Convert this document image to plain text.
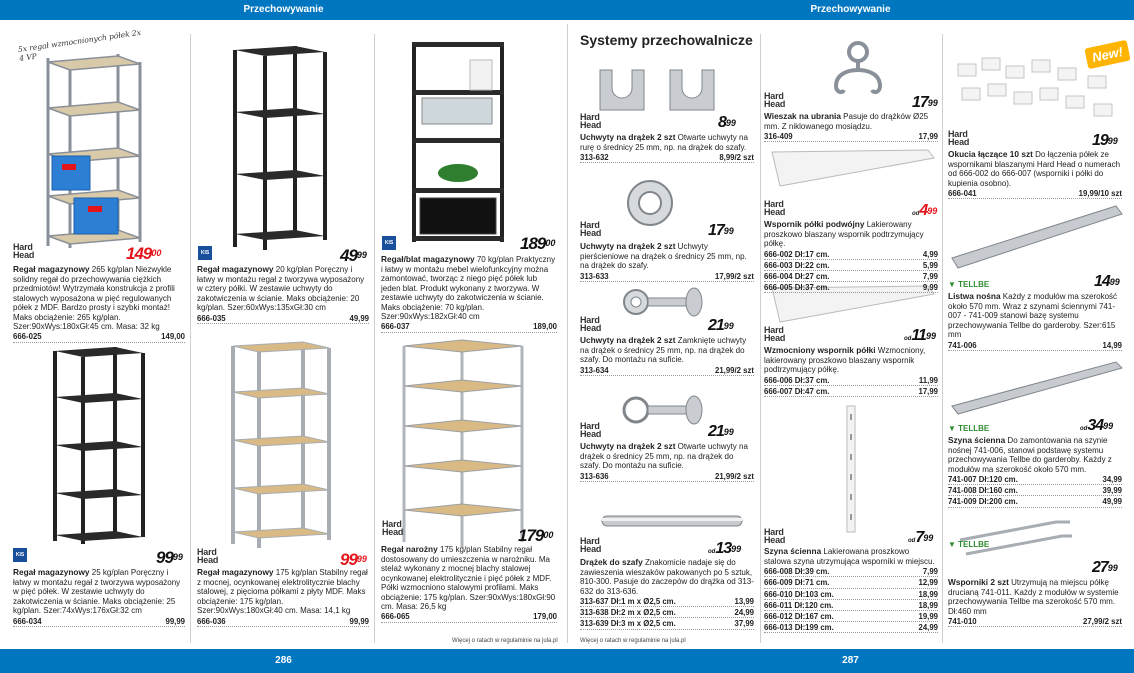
Przechowywanie	Przechowywanie
5x regał wzmocnionych półek 2x 4 VP
Hard
Head	KIS
KIS
KIS	Hard
Head
Hard
Head
$149^{00}$	$49^{99}$
$189^{00}$
$99^{99}$	$99^{99}$
$179^{00}$
Regał magazynowy 265 kg/plan Niezwykle solidny regał do przechowywania ciężkich przedmiotów! Wytrzymała konstrukcja z profili stalowych wyposażona w pięć regulowanych półek z MDF. Bardzo prosty i szybki montaż! Maks obciążenie: 265 kg/plan. Szer:90xWys:180xGł:45 cm. Masa: 32 kg
666-025	149,00
Regał magazynowy 20 kg/plan Poręczny i łatwy w montażu regał z tworzywa wyposażony w cztery półki. W zestawie uchwyty do zakotwiczenia w ścianie. Maks obciążenie: 20 kg/plan. Szer:60xWys:135xGł:30 cm
666-035	49,99
Regał/blat magazynowy 70 kg/plan Praktyczny i łatwy w montażu mebel wielofunkcyjny można zamontować, tworząc z niego pięć półek lub jeden blat. Produkt wykonany z tworzywa. W zestawie uchwyty do zakotwiczenia w ścianie. Maks obciążenie: 70 kg/plan. Szer:90xWys:182xGł:40 cm
666-037	189,00
Regał magazynowy 25 kg/plan Poręczny i łatwy w montażu regał z tworzywa wyposażony w pięć półek. W zestawie uchwyty do zakotwiczenia w ścianie. Maks obciążenie: 25 kg/plan. Szer:74xWys:176xGł:32 cm
666-034	99,99
Regał magazynowy 175 kg/plan Stabilny regał z mocnej, ocynkowanej elektrolitycznie blachy stalowej, z pięcioma półkami z płyty MDF. Maks obciążenie: 175 kg/plan. Szer:90xWys:180xGł:40 cm. Masa: 14,1 kg
666-036	99,99
Regał narożny 175 kg/plan Stabilny regał dostosowany do umieszczenia w narożniku. Ma stelaż wykonany z mocnej blachy stalowej ocynkowanej elektrolitycznie i pięć półek z MDF. Półki wzmocniono stalowymi profilami. Maks obciążenie: 175 kg/plan. Szer:90xWys:180xGł:90 cm. Masa: 26,5 kg
666-065	179,00
Więcej o ratach w regulaminie na jula.pl
Systemy przechowalnicze
Hard
Head
Hard
Head
Hard
Head
Hard
Head
Hard
Head
$8^{99}$
$17^{99}$
$21^{99}$
$21^{99}$
$od13^{99}$
Uchwyty na drążek 2 szt Otwarte uchwyty na rurę o średnicy 25 mm, np. na drążek do szafy.
313-632	8,99/2 szt
Uchwyty na drążek 2 szt Uchwyty pierścieniowe na drążek o średnicy 25 mm, np. na drążek do szafy.
313-633	17,99/2 szt
Uchwyty na drążek 2 szt Zamknięte uchwyty na drążek o średnicy 25 mm, np. na drążek do szafy. Do montażu na suficie.
313-634	21,99/2 szt
Uchwyty na drążek 2 szt Otwarte uchwyty na drążek o średnicy 25 mm, np. na drążek do szafy. Do montażu na suficie.
313-636	21,99/2 szt
Drążek do szafy Znakomicie nadaje się do zawieszenia wieszaków pakowanych po 5 sztuk, 810-300. Pasuje do zaczepów do drążka od 313-632 do 313-636.
313-637 Dł:1 m x Ø2,5 cm.	13,99
313-638 Dł:2 m x Ø2,5 cm.	24,99
313-639 Dł:3 m x Ø2,5 cm.	37,99
Więcej o ratach w regulaminie na jula.pl
Hard
Head
Hard
Head
Hard
Head
Hard
Head
$17^{99}$
$od4^{99}$
$od11^{99}$
$od7^{99}$
Wieszak na ubrania Pasuje do drążków Ø25 mm. Z niklowanego mosiądzu.
316-409	17,99
Wspornik półki podwójny Lakierowany proszkowo blaszany wspornik podtrzymujący półkę.
666-002 Dł:17 cm.	4,99
666-003 Dł:22 cm.	5,99
666-004 Dł:27 cm.	7,99
666-005 Dł:37 cm.	9,99
Wzmocniony wspornik półki Wzmocniony, lakierowany proszkowo blaszany wspornik podtrzymujący półkę.
666-006 Dł:37 cm.	11,99
666-007 Dł:47 cm.	17,99
Szyna ścienna Lakierowana proszkowo stalowa szyna utrzymująca wsporniki w miejscu.
666-008 Dł:39 cm.	7,99
666-009 Dł:71 cm.	12,99
666-010 Dł:103 cm.	18,99
666-011 Dł:120 cm.	18,99
666-012 Dł:167 cm.	19,99
666-013 Dł:199 cm.	24,99
New!
Hard
Head
▼ TELLBE
▼ TELLBE
▼ TELLBE
$19^{99}$
$14^{99}$
$od34^{99}$
$27^{99}$
Okucia łączące 10 szt Do łączenia półek ze wspornikami blaszanymi Hard Head o numerach od 666-002 do 666-007 (wsporniki i półki do kupienia osobno).
666-041	19,99/10 szt
Listwa nośna Każdy z modułów ma szerokość około 570 mm. Wraz z szynami ściennymi 741-007 - 741-009 stanowi bazę systemu przechowywania Tellbe do garderoby. Szer:615 mm
741-006	14,99
Szyna ścienna Do zamontowania na szynie nośnej 741-006, stanowi podstawę systemu przechowywania Tellbe do garderoby. Każdy z modułów ma szerokość około 570 mm.
741-007 Dł:120 cm.	34,99
741-008 Dł:160 cm.	39,99
741-009 Dł:200 cm.	49,99
Wsporniki 2 szt Utrzymują na miejscu półkę drucianą 741-011. Każdy z modułów w systemie przechowywania Tellbe ma szerokość 570 mm. Dł:460 mm
741-010	27,99/2 szt
286	287
